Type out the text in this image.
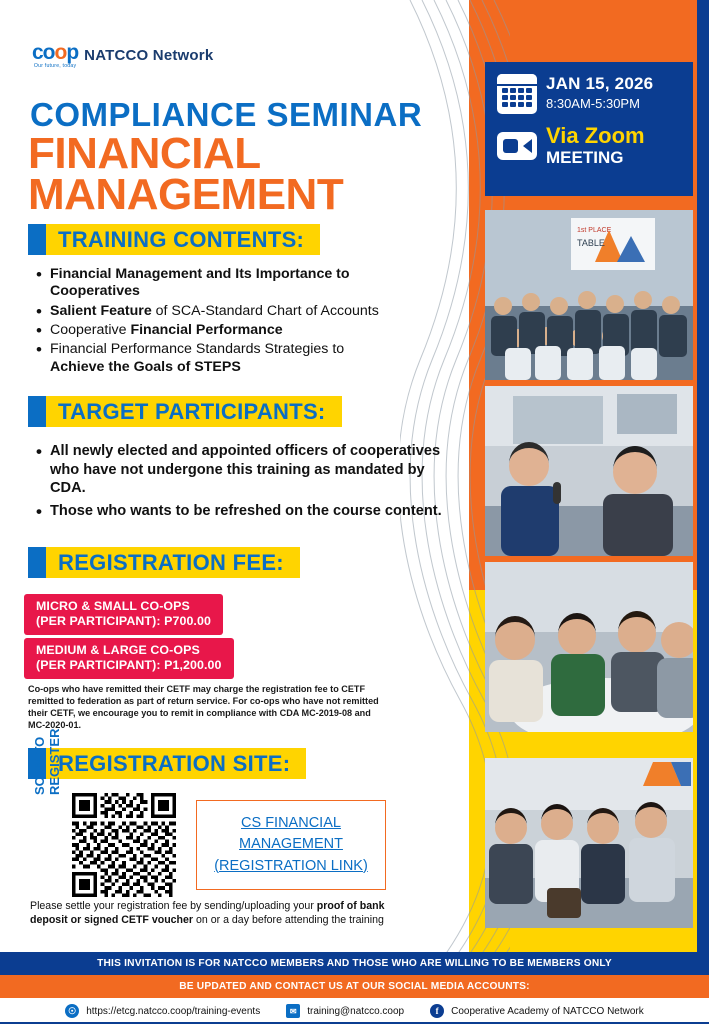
coop
Our future, today
NATCCO Network
COMPLIANCE SEMINAR
FINANCIAL
MANAGEMENT
TRAINING CONTENTS:
• Financial Management and Its Importance to Cooperatives
• Salient Feature of SCA-Standard Chart of Accounts
• Cooperative Financial Performance
• Financial Performance Standards Strategies to Achieve the Goals of STEPS
TARGET PARTICIPANTS:
• All newly elected and appointed officers of cooperatives who have not undergone this training as mandated by CDA.
• Those who wants to be refreshed on the course content.
REGISTRATION FEE:
MICRO & SMALL CO-OPS
(PER PARTICIPANT): P700.00
MEDIUM & LARGE CO-OPS
(PER PARTICIPANT): P1,200.00
Co-ops who have remitted their CETF may charge the registration fee to CETF remitted to federation as part of return service. For co-ops who have not remitted their CETF, we encourage you to remit in compliance with CDA MC-2019-08 and MC-2020-01.
REGISTRATION SITE:

CS FINANCIAL
MANAGEMENT
(REGISTRATION LINK)
Please settle your registration fee by sending/uploading your proof of bank deposit or signed CETF voucher on or a day before attending the training
JAN 15, 2026
8:30AM-5:30PM
Via Zoom
MEETING
1st PLACE
TABLE
THIS INVITATION IS FOR NATCCO MEMBERS AND THOSE WHO ARE WILLING TO BE MEMBERS ONLY
BE UPDATED AND CONTACT US AT OUR SOCIAL MEDIA ACCOUNTS:
☉ https://etcg.natcco.coop/training-events	✉	training@natcco.coop	f	Cooperative Academy of NATCCO Network
